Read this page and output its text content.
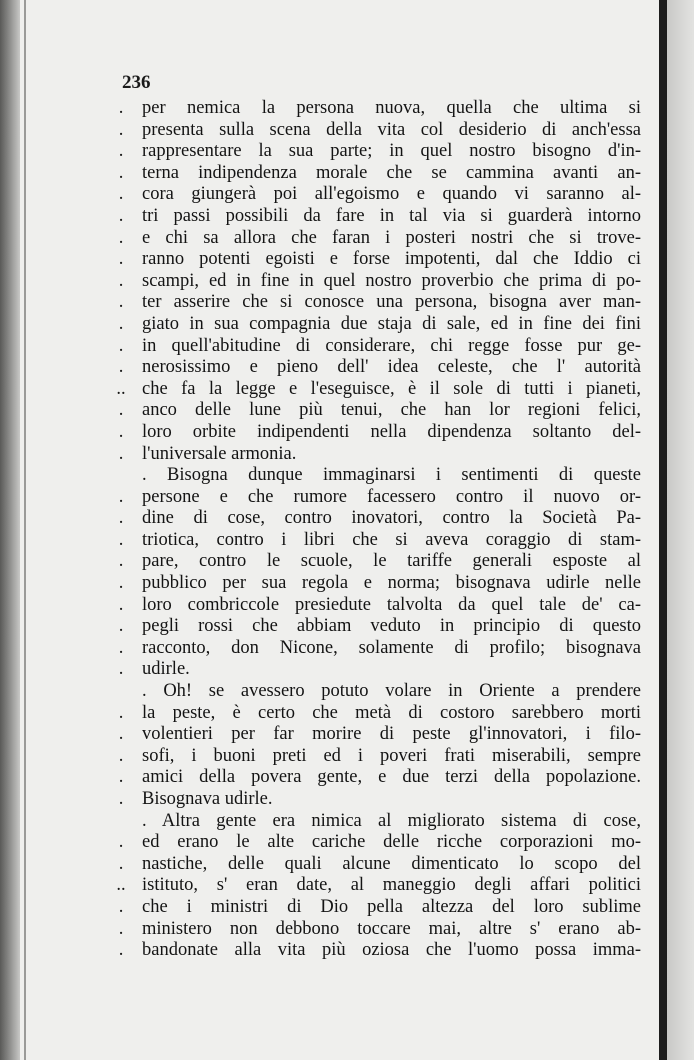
236

. per nemica la persona nuova, quella che ultima si
. presenta sulla scena della vita col desiderio di anch'essa
. rappresentare la sua parte; in quel nostro bisogno d'in-
. terna indipendenza morale che se cammina avanti an-
. cora giungerà poi all'egoismo e quando vi saranno al-
. tri passi possibili da fare in tal via si guarderà intorno
. e chi sa allora che faran i posteri nostri che si trove-
. ranno potenti egoisti e forse impotenti, dal che Iddio ci
. scampi, ed in fine in quel nostro proverbio che prima di po-
. ter asserire che si conosce una persona, bisogna aver man-
. giato in sua compagnia due staja di sale, ed in fine dei fini
. in quell'abitudine di considerare, chi regge fosse pur ge-
. nerosissimo e pieno dell' idea celeste, che l' autorità
.. che fa la legge e l'eseguisce, è il sole di tutti i pianeti,
. anco delle lune più tenui, che han lor regioni felici,
. loro orbite indipendenti nella dipendenza soltanto del-
. l'universale armonia.
. Bisogna dunque immaginarsi i sentimenti di queste
. persone e che rumore facessero contro il nuovo or-
. dine di cose, contro inovatori, contro la Società Pa-
. triotica, contro i libri che si aveva coraggio di stam-
. pare, contro le scuole, le tariffe generali esposte al
. pubblico per sua regola e norma; bisognava udirle nelle
. loro combriccole presiedute talvolta da quel tale de' ca-
. pegli rossi che abbiam veduto in principio di questo
. racconto, don Nicone, solamente di profilo; bisognava
. udirle.
. Oh! se avessero potuto volare in Oriente a prendere
. la peste, è certo che metà di costoro sarebbero morti
. volentieri per far morire di peste gl'innovatori, i filo-
. sofi, i buoni preti ed i poveri frati miserabili, sempre
. amici della povera gente, e due terzi della popolazione.
. Bisognava udirle.
. Altra gente era nimica al migliorato sistema di cose,
. ed erano le alte cariche delle ricche corporazioni mo-
. nastiche, delle quali alcune dimenticato lo scopo del
.. istituto, s' eran date, al maneggio degli affari politici
. che i ministri di Dio pella altezza del loro sublime
. ministero non debbono toccare mai, altre s' erano ab-
. bandonate alla vita più oziosa che l'uomo possa imma-
